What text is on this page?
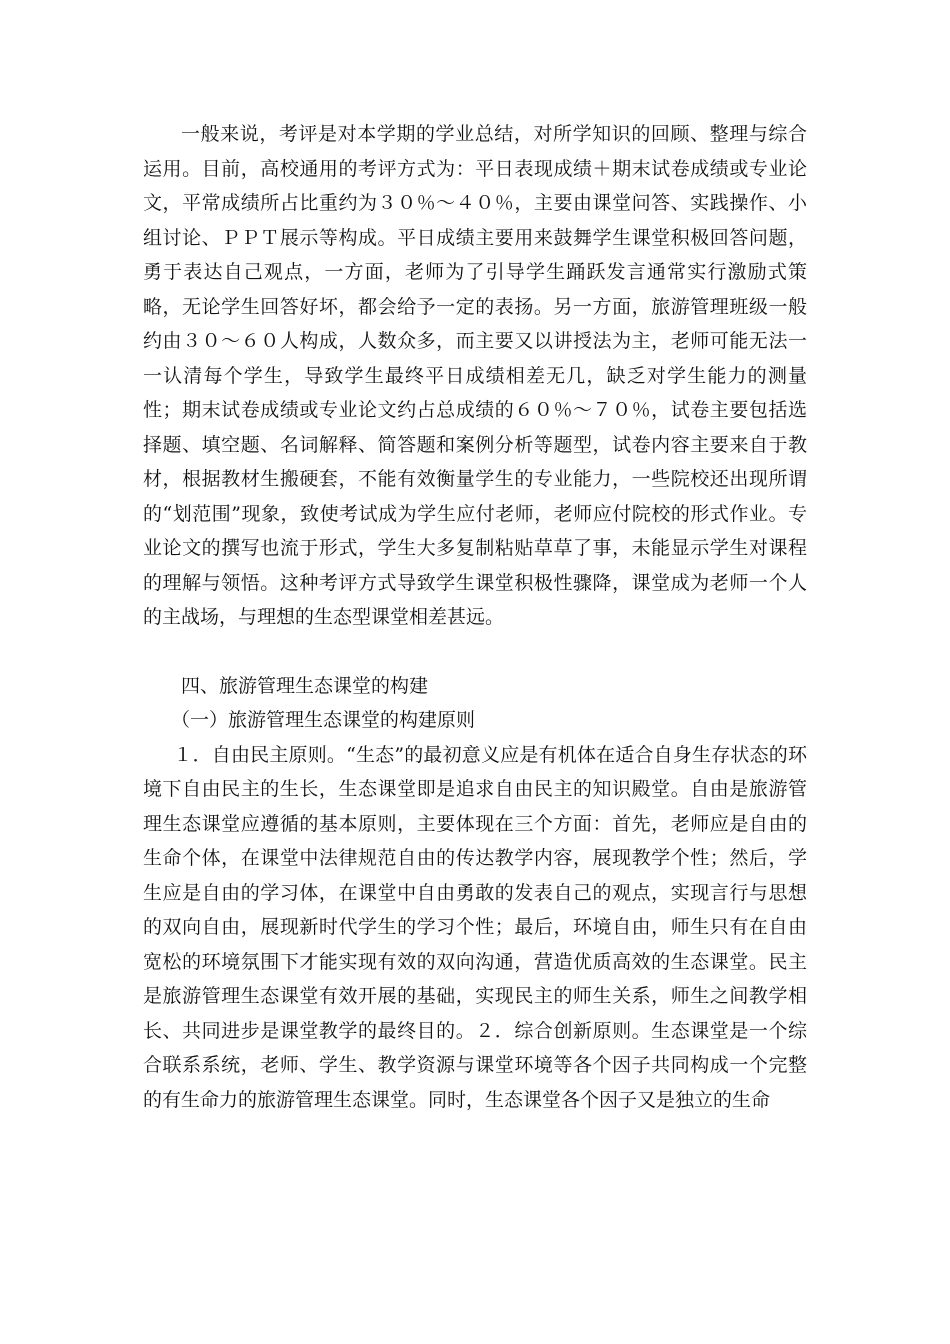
一般来说，考评是对本学期的学业总结，对所学知识的回顾、整理与综合运用。目前，高校通用的考评方式为：平日表现成绩＋期末试卷成绩或专业论文，平常成绩所占比重约为３０％～４０％，主要由课堂问答、实践操作、小组讨论、ＰＰＴ展示等构成。平日成绩主要用来鼓舞学生课堂积极回答问题，勇于表达自己观点，一方面，老师为了引导学生踊跃发言通常实行激励式策略，无论学生回答好坏，都会给予一定的表扬。另一方面，旅游管理班级一般约由３０～６０人构成，人数众多，而主要又以讲授法为主，老师可能无法一一认清每个学生，导致学生最终平日成绩相差无几，缺乏对学生能力的测量性；期末试卷成绩或专业论文约占总成绩的６０％～７０％，试卷主要包括选择题、填空题、名词解释、简答题和案例分析等题型，试卷内容主要来自于教材，根据教材生搬硬套，不能有效衡量学生的专业能力，一些院校还出现所谓的“划范围”现象，致使考试成为学生应付老师，老师应付院校的形式作业。专业论文的撰写也流于形式，学生大多复制粘贴草草了事，未能显示学生对课程的理解与领悟。这种考评方式导致学生课堂积极性骤降，课堂成为老师一个人的主战场，与理想的生态型课堂相差甚远。

四、旅游管理生态课堂的构建

（一）旅游管理生态课堂的构建原则

１．自由民主原则。“生态”的最初意义应是有机体在适合自身生存状态的环境下自由民主的生长，生态课堂即是追求自由民主的知识殿堂。自由是旅游管理生态课堂应遵循的基本原则，主要体现在三个方面：首先，老师应是自由的生命个体，在课堂中法律规范自由的传达教学内容，展现教学个性；然后，学生应是自由的学习体，在课堂中自由勇敢的发表自己的观点，实现言行与思想的双向自由，展现新时代学生的学习个性；最后，环境自由，师生只有在自由宽松的环境氛围下才能实现有效的双向沟通，营造优质高效的生态课堂。民主是旅游管理生态课堂有效开展的基础，实现民主的师生关系，师生之间教学相长、共同进步是课堂教学的最终目的。２．综合创新原则。生态课堂是一个综合联系系统，老师、学生、教学资源与课堂环境等各个因子共同构成一个完整的有生命力的旅游管理生态课堂。同时，生态课堂各个因子又是独立的生命
